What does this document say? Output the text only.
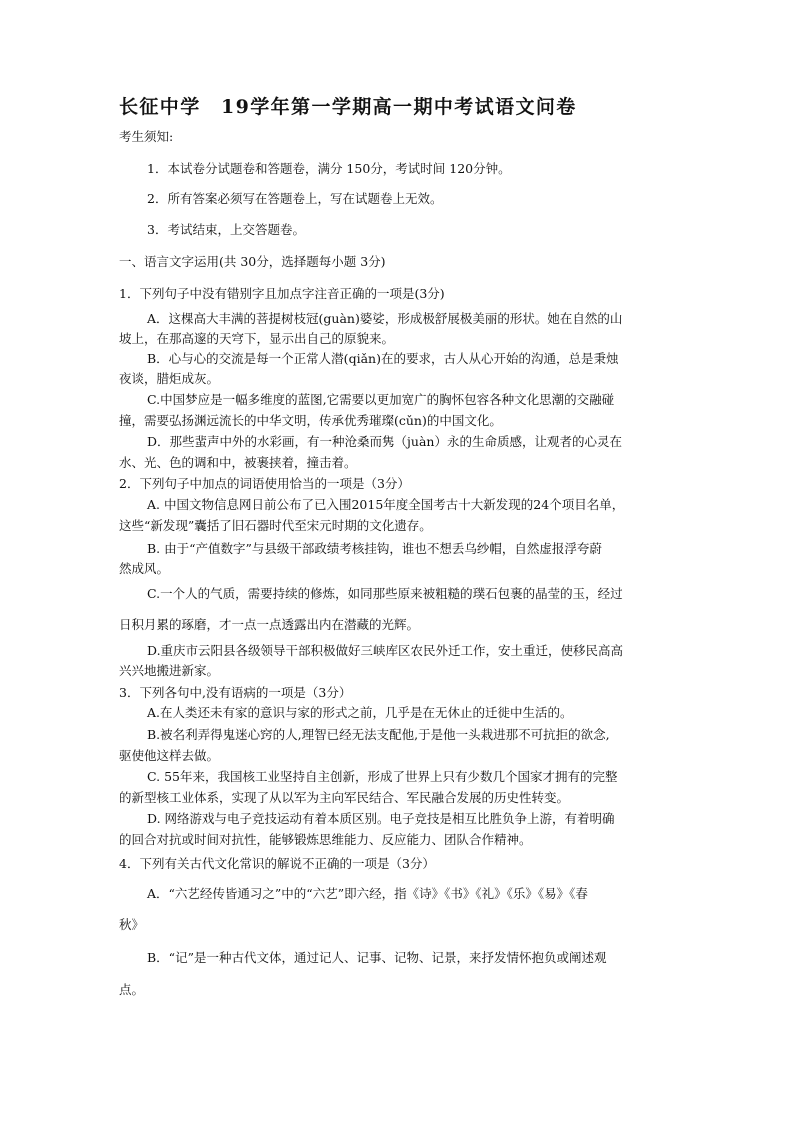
长征中学　19学年第一学期高一期中考试语文问卷
考生须知:
1．本试卷分试题卷和答题卷，满分 150分，考试时间 120分钟。
2．所有答案必须写在答题卷上，写在试题卷上无效。
3．考试结束，上交答题卷。
一、语言文字运用(共 30分，选择题每小题 3分)
1．下列句子中没有错别字且加点字注音正确的一项是(3分)
A．这棵高大丰满的菩提树枝冠(guàn)婆娑，形成极舒展极美丽的形状。她在自然的山
坡上，在那高邃的天穹下，显示出自己的原貌来。
B．心与心的交流是每一个正常人潜(qiǎn)在的要求，古人从心开始的沟通，总是秉烛
夜谈，腊炬成灰。
C.中国梦应是一幅多维度的蓝图,它需要以更加宽广的胸怀包容各种文化思潮的交融碰
撞，需要弘扬渊远流长的中华文明，传承优秀璀璨(cǔn)的中国文化。
D．那些蜚声中外的水彩画，有一种沧桑而隽（juàn）永的生命质感，让观者的心灵在
水、光、色的调和中，被裹挟着，撞击着。
2．下列句子中加点的词语使用恰当的一项是（3分）
A. 中国文物信息网日前公布了已入围2015年度全国考古十大新发现的24个项目名单，
这些“新发现”囊括了旧石器时代至宋元时期的文化遗存。
B. 由于“产值数字”与县级干部政绩考核挂钩，谁也不想丢乌纱帽，自然虚报浮夸蔚
然成风。
C.一个人的气质，需要持续的修炼，如同那些原来被粗糙的璞石包裹的晶莹的玉，经过
日积月累的琢磨，才一点一点透露出内在潜藏的光辉。
D.重庆市云阳县各级领导干部积极做好三峡库区农民外迁工作，安土重迁，使移民高高
兴兴地搬进新家。
3．下列各句中,没有语病的一项是（3分）
A.在人类还未有家的意识与家的形式之前，几乎是在无休止的迁徙中生活的。
B.被名利弄得鬼迷心窍的人,理智已经无法支配他,于是他一头栽进那不可抗拒的欲念,
驱使他这样去做。
C. 55年来，我国核工业坚持自主创新，形成了世界上只有少数几个国家才拥有的完整
的新型核工业体系，实现了从以军为主向军民结合、军民融合发展的历史性转变。
D. 网络游戏与电子竞技运动有着本质区别。电子竞技是相互比胜负争上游，有着明确
的回合对抗或时间对抗性，能够锻炼思维能力、反应能力、团队合作精神。
4．下列有关古代文化常识的解说不正确的一项是（3分）
A．“六艺经传皆通习之”中的“六艺”即六经，指《诗》《书》《礼》《乐》《易》《春
秋》
B．“记”是一种古代文体，通过记人、记事、记物、记景，来抒发情怀抱负或阐述观
点。
